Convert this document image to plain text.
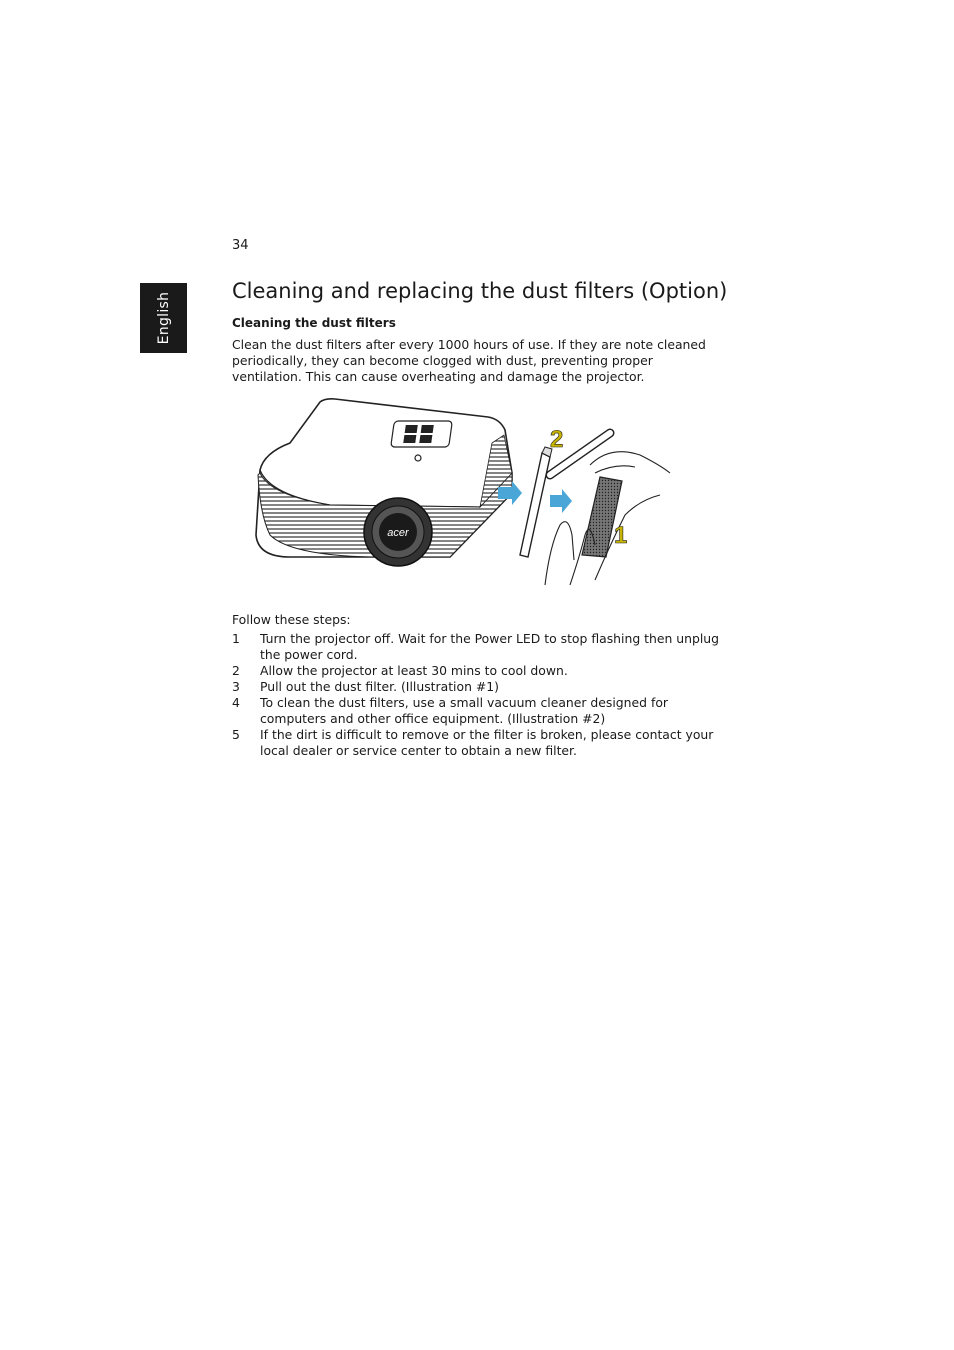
34
English
Cleaning and replacing the dust filters (Option)
Cleaning the dust filters

Clean the dust filters after every 1000 hours of use. If they are note cleaned periodically, they can become clogged with dust, preventing proper ventilation. This can cause overheating and damage the projector.

acer
2
1

Follow these steps:

1 Turn the projector off. Wait for the Power LED to stop flashing then unplug the power cord.
2 Allow the projector at least 30 mins to cool down.
3 Pull out the dust filter. (Illustration #1)
4 To clean the dust filters, use a small vacuum cleaner designed for computers and other office equipment. (Illustration #2)
5 If the dirt is difficult to remove or the filter is broken, please contact your local dealer or service center to obtain a new filter.
